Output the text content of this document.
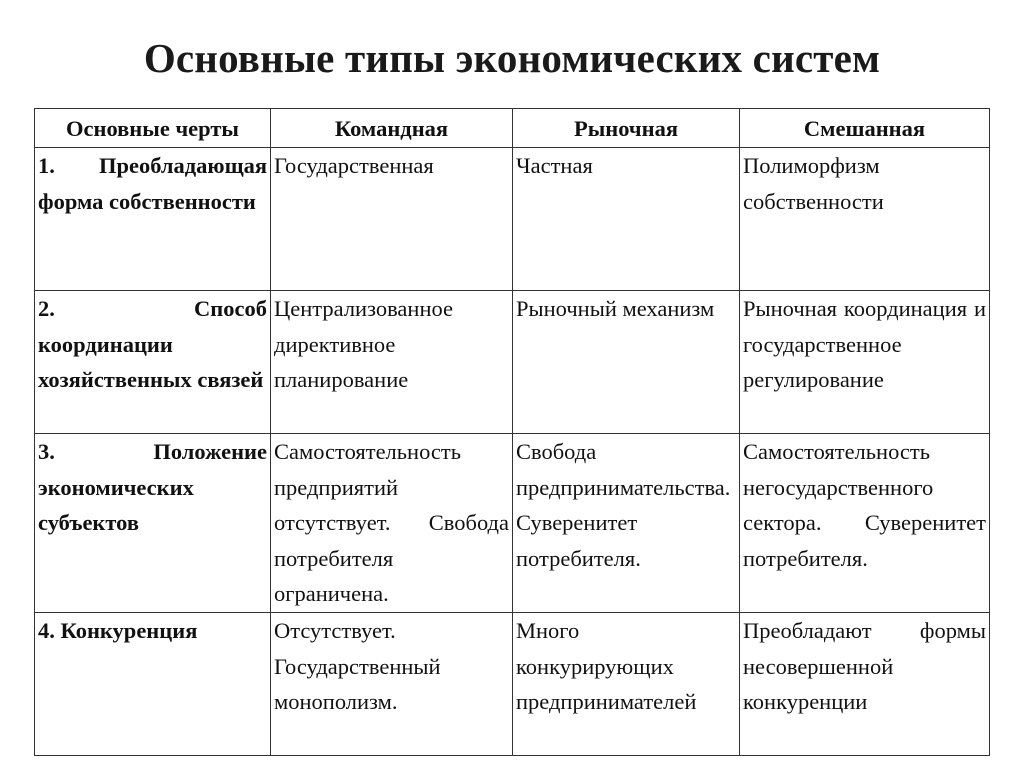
Основные типы экономических систем
Основные черты	Командная	Рыночная	Смешанная
1. Преобладающая форма собственности	Государственная	Частная	Полиморфизм собственности
2. Способ координации хозяйственных связей	Централизованное директивное планирование	Рыночный механизм	Рыночная координация и государственное регулирование
3. Положение экономических субъектов	Самостоятельность предприятий отсутствует. Свобода потребителя ограничена.	Свобода предпринимательства. Суверенитет потребителя.	Самостоятельность негосударственного сектора. Суверенитет потребителя.
4. Конкуренция	Отсутствует. Государственный монополизм.	Много конкурирующих предпринимателей	Преобладают формы несовершенной конкуренции
